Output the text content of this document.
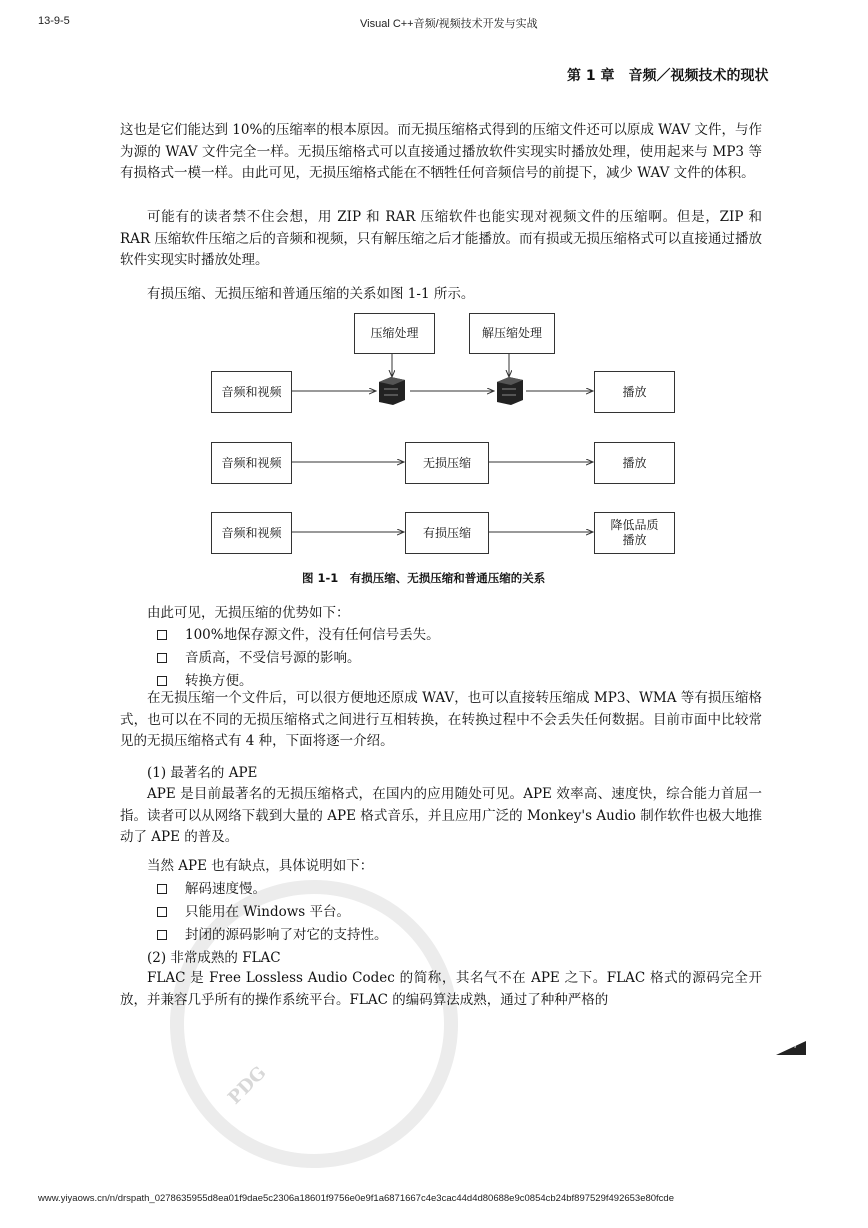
PDG
13-9-5	Visual C++音频/视频技术开发与实战
第 1 章　音频／视频技术的现状
这也是它们能达到 10%的压缩率的根本原因。而无损压缩格式得到的压缩文件还可以原成 WAV 文件，与作为源的 WAV 文件完全一样。无损压缩格式可以直接通过播放软件实现实时播放处理，使用起来与 MP3 等有损格式一模一样。由此可见，无损压缩格式能在不牺牲任何音频信号的前提下，减少 WAV 文件的体积。
可能有的读者禁不住会想，用 ZIP 和 RAR 压缩软件也能实现对视频文件的压缩啊。但是，ZIP 和 RAR 压缩软件压缩之后的音频和视频，只有解压缩之后才能播放。而有损或无损压缩格式可以直接通过播放软件实现实时播放处理。
有损压缩、无损压缩和普通压缩的关系如图 1-1 所示。
压缩处理	解压缩处理
音频和视频	播放
音频和视频	无损压缩	播放
音频和视频	有损压缩
降低品质
播放
图 1-1　有损压缩、无损压缩和普通压缩的关系
由此可见，无损压缩的优势如下：
100%地保存源文件，没有任何信号丢失。
音质高，不受信号源的影响。
转换方便。
在无损压缩一个文件后，可以很方便地还原成 WAV，也可以直接转压缩成 MP3、WMA 等有损压缩格式，也可以在不同的无损压缩格式之间进行互相转换，在转换过程中不会丢失任何数据。目前市面中比较常见的无损压缩格式有 4 种，下面将逐一介绍。
(1) 最著名的 APE
APE 是目前最著名的无损压缩格式，在国内的应用随处可见。APE 效率高、速度快，综合能力首屈一指。读者可以从网络下载到大量的 APE 格式音乐，并且应用广泛的 Monkey's Audio 制作软件也极大地推动了 APE 的普及。
当然 APE 也有缺点，具体说明如下：
解码速度慢。
只能用在 Windows 平台。
封闭的源码影响了对它的支持性。
(2) 非常成熟的 FLAC
FLAC 是 Free Lossless Audio Codec 的简称，其名气不在 APE 之下。FLAC 格式的源码完全开放，并兼容几乎所有的操作系统平台。FLAC 的编码算法成熟，通过了种种严格的
7
www.yiyaows.cn/n/drspath_0278635955d8ea01f9dae5c2306a18601f9756e0e9f1a6871667c4e3cac44d4d80688e9c0854cb24bf897529f492653e80fcde
